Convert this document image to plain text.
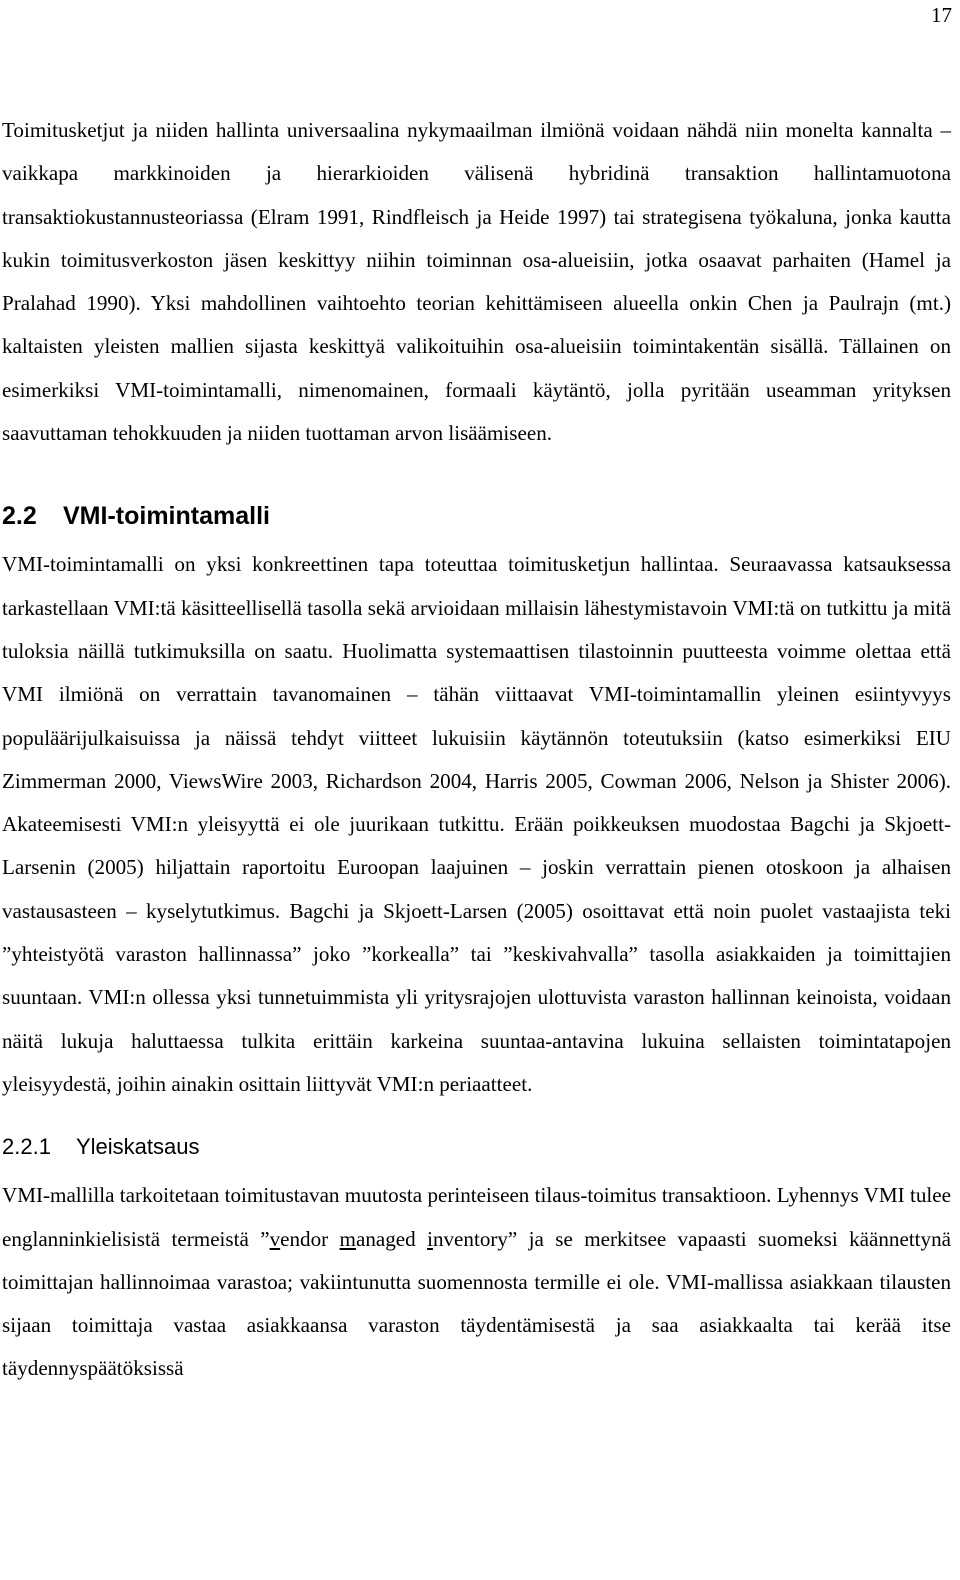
17

Toimitusketjut ja niiden hallinta universaalina nykymaailman ilmiönä voidaan nähdä niin monelta kannalta – vaikkapa markkinoiden ja hierarkioiden välisenä hybridinä transaktion hallintamuotona transaktiokustannusteoriassa (Elram 1991, Rindfleisch ja Heide 1997) tai strategisena työkaluna, jonka kautta kukin toimitusverkoston jäsen keskittyy niihin toiminnan osa-alueisiin, jotka osaavat parhaiten (Hamel ja Pralahad 1990). Yksi mahdollinen vaihtoehto teorian kehittämiseen alueella onkin Chen ja Paulrajn (mt.) kaltaisten yleisten mallien sijasta keskittyä valikoituihin osa-alueisiin toimintakentän sisällä. Tällainen on esimerkiksi VMI-toimintamalli, nimenomainen, formaali käytäntö, jolla pyritään useamman yrityksen saavuttaman tehokkuuden ja niiden tuottaman arvon lisäämiseen.

2.2 VMI-toimintamalli

VMI-toimintamalli on yksi konkreettinen tapa toteuttaa toimitusketjun hallintaa. Seuraavassa katsauksessa tarkastellaan VMI:tä käsitteellisellä tasolla sekä arvioidaan millaisin lähestymistavoin VMI:tä on tutkittu ja mitä tuloksia näillä tutkimuksilla on saatu. Huolimatta systemaattisen tilastoinnin puutteesta voimme olettaa että VMI ilmiönä on verrattain tavanomainen – tähän viittaavat VMI-toimintamallin yleinen esiintyvyys populäärijulkaisuissa ja näissä tehdyt viitteet lukuisiin käytännön toteutuksiin (katso esimerkiksi EIU Zimmerman 2000, ViewsWire 2003, Richardson 2004, Harris 2005, Cowman 2006, Nelson ja Shister 2006). Akateemisesti VMI:n yleisyyttä ei ole juurikaan tutkittu. Erään poikkeuksen muodostaa Bagchi ja Skjoett-Larsenin (2005) hiljattain raportoitu Euroopan laajuinen – joskin verrattain pienen otoskoon ja alhaisen vastausasteen – kyselytutkimus. Bagchi ja Skjoett-Larsen (2005) osoittavat että noin puolet vastaajista teki ”yhteistyötä varaston hallinnassa” joko ”korkealla” tai ”keskivahvalla” tasolla asiakkaiden ja toimittajien suuntaan. VMI:n ollessa yksi tunnetuimmista yli yritysrajojen ulottuvista varaston hallinnan keinoista, voidaan näitä lukuja haluttaessa tulkita erittäin karkeina suuntaa-antavina lukuina sellaisten toimintatapojen yleisyydestä, joihin ainakin osittain liittyvät VMI:n periaatteet.

2.2.1 Yleiskatsaus

VMI-mallilla tarkoitetaan toimitustavan muutosta perinteiseen tilaus-toimitus transaktioon. Lyhennys VMI tulee englanninkielisistä termeistä ”vendor managed inventory” ja se merkitsee vapaasti suomeksi käännettynä toimittajan hallinnoimaa varastoa; vakiintunutta suomennosta termille ei ole. VMI-mallissa asiakkaan tilausten sijaan toimittaja vastaa asiakkaansa varaston täydentämisestä ja saa asiakkaalta tai kerää itse täydennyspäätöksissä
